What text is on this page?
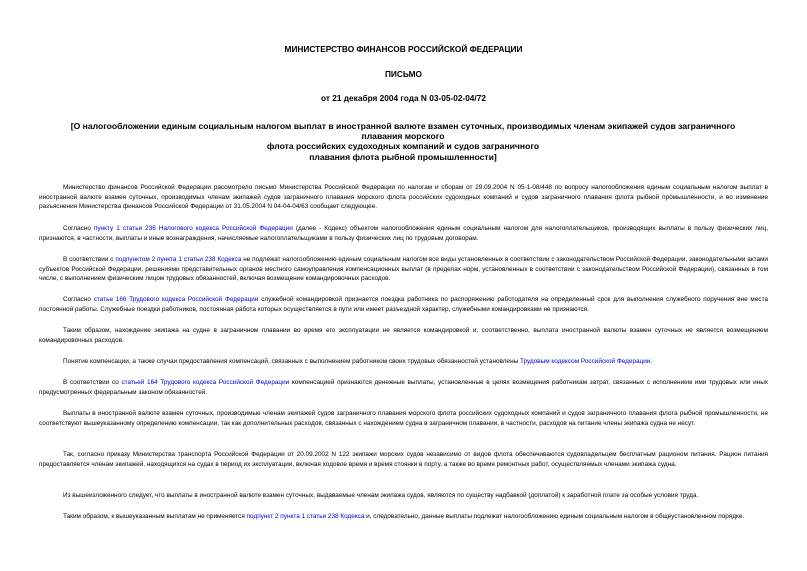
МИНИСТЕРСТВО ФИНАНСОВ РОССИЙСКОЙ ФЕДЕРАЦИИ
ПИСЬМО
от 21 декабря 2004 года N 03-05-02-04/72
[О налогообложении единым социальным налогом выплат в иностранной валюте взамен суточных, производимых членам экипажей судов заграничного плавания морского
флота российских судоходных компаний и судов заграничного
плавания флота рыбной промышленности]
Министерство финансов Российской Федерации рассмотрело письмо Министерства Российской Федерации по налогам и сборам от 29.09.2004 N 05-1-08/448 по вопросу налогообложения единым социальным налогом выплат в иностранной валюте взамен суточных, производимых членам экипажей судов заграничного плавания морского флота российских судоходных компаний и судов заграничного плавания флота рыбной промышленности, и во изменение разъяснения Министерства финансов Российской Федерации от 31.05.2004 N 04-04-04/63 сообщает следующее.
Согласно пункту 1 статьи 236 Налогового кодекса Российской Федерации (далее - Кодекс) объектом налогообложения единым социальным налогом для налогоплательщиков, производящих выплаты в пользу физических лиц, признаются, в частности, выплаты и иные вознаграждения, начисляемые налогоплательщиками в пользу физических лиц по трудовым договорам.
В соответствии с подпунктом 2 пункта 1 статьи 238 Кодекса не подлежат налогообложению единым социальным налогом все виды установленных в соответствии с законодательством Российской Федерации, законодательными актами субъектов Российской Федерации, решениями представительных органов местного самоуправления компенсационных выплат (в пределах норм, установленных в соответствии с законодательством Российской Федерации), связанных в том числе, с выполнением физическим лицом трудовых обязанностей, включая возмещение командировочных расходов.
Согласно статье 166 Трудового кодекса Российской Федерации служебной командировкой признается поездка работника по распоряжению работодателя на определенный срок для выполнения служебного поручения вне места постоянной работы. Служебные поездки работников, постоянная работа которых осуществляется в пути или имеет разъездной характер, служебными командировками не признаются.
Таким образом, нахождение экипажа на судне в заграничном плавании во время его эксплуатации не является командировкой и, соответственно, выплата иностранной валюты взамен суточных не является возмещением командировочных расходов.
Понятие компенсации, а также случаи предоставления компенсаций, связанных с выполнением работником своих трудовых обязанностей установлены Трудовым кодексом Российской Федерации.
В соответствии со статьей 164 Трудового кодекса Российской Федерации компенсацией признаются денежные выплаты, установленные в целях возмещения работникам затрат, связанных с исполнением ими трудовых или иных предусмотренных федеральным законом обязанностей.
Выплаты в иностранной валюте взамен суточных, производимые членам экипажей судов заграничного плавания морского флота российских судоходных компаний и судов заграничного плавания флота рыбной промышленности, не соответствуют вышеуказанному определению компенсации, так как дополнительных расходов, связанных с нахождением судна в заграничном плавании, в частности, расходов на питание члены экипажа судна не несут.
Так, согласно приказу Министерства транспорта Российской Федерации от 20.09.2002 N 122 экипажи морских судов независимо от видов флота обеспечиваются судовладельцем бесплатным рационом питания. Рацион питания предоставляется членам экипажей, находящихся на судах в период их эксплуатации, включая ходовое время и время стоянки в порту, а также во время ремонтных работ, осуществляемых членами экипажа судна.
Из вышеизложенного следует, что выплаты в иностранной валюте взамен суточных, выдаваемые членам экипажа судов, являются по существу надбавкой (доплатой) к заработной плате за особые условия труда.
Таким образом, к вышеуказанным выплатам не применяется подпункт 2 пункта 1 статьи 238 Кодекса и, следовательно, данные выплаты подлежат налогообложению единым социальным налогом в общеустановленном порядке.
